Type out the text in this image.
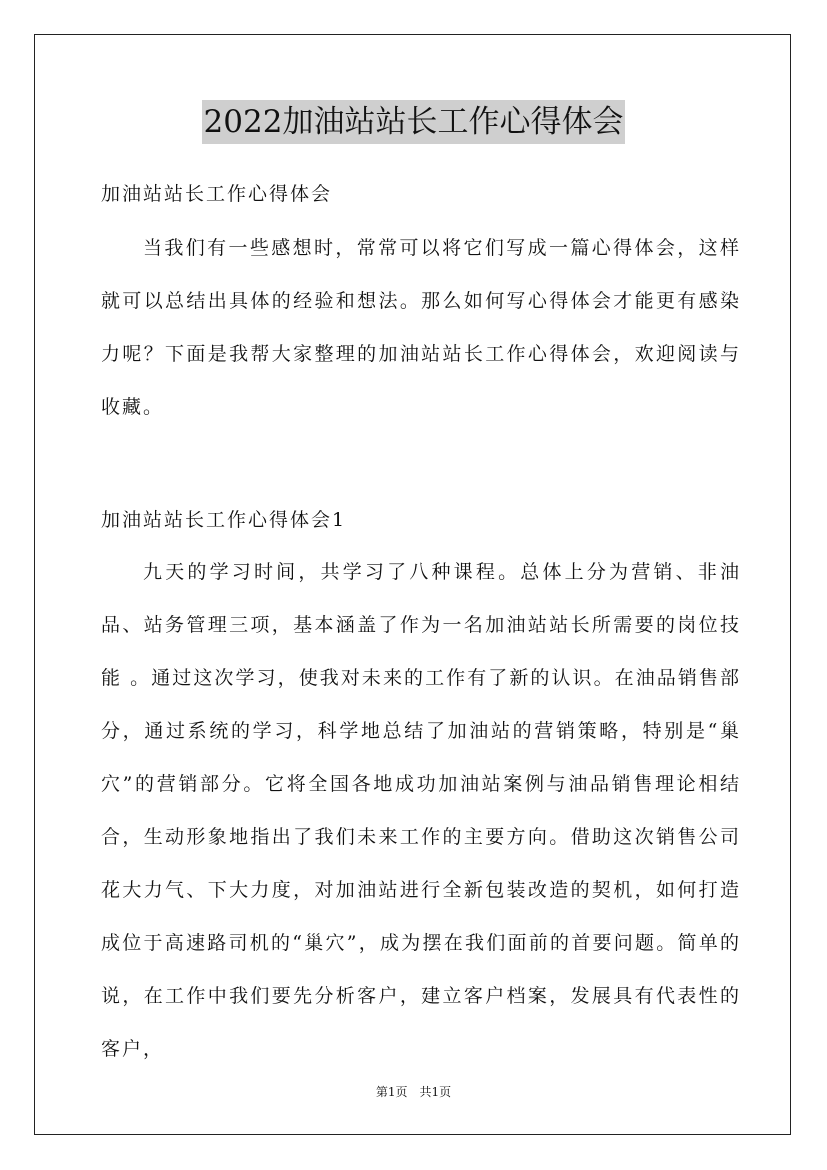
2022加油站站长工作心得体会
加油站站长工作心得体会
当我们有一些感想时，常常可以将它们写成一篇心得体会，这样就可以总结出具体的经验和想法。那么如何写心得体会才能更有感染力呢？下面是我帮大家整理的加油站站长工作心得体会，欢迎阅读与收藏。
加油站站长工作心得体会1
九天的学习时间，共学习了八种课程。总体上分为营销、非油品、站务管理三项，基本涵盖了作为一名加油站站长所需要的岗位技能 。通过这次学习，使我对未来的工作有了新的认识。在油品销售部分，通过系统的学习，科学地总结了加油站的营销策略，特别是“巢穴”的营销部分。它将全国各地成功加油站案例与油品销售理论相结合，生动形象地指出了我们未来工作的主要方向。借助这次销售公司花大力气、下大力度，对加油站进行全新包装改造的契机，如何打造成位于高速路司机的“巢穴”，成为摆在我们面前的首要问题。简单的说，在工作中我们要先分析客户，建立客户档案，发展具有代表性的客户，
第1页 共1页
